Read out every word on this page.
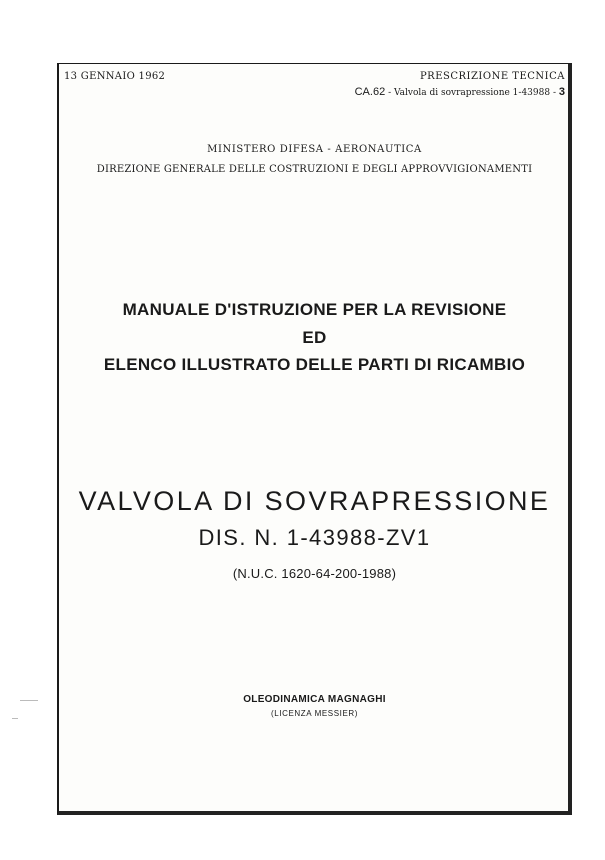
13 GENNAIO 1962	PRESCRIZIONE TECNICA
CA.62 - Valvola di sovrapressione 1-43988 - 3
MINISTERO DIFESA - AERONAUTICA
DIREZIONE GENERALE DELLE COSTRUZIONI E DEGLI APPROVVIGIONAMENTI
MANUALE D'ISTRUZIONE PER LA REVISIONE
ED
ELENCO ILLUSTRATO DELLE PARTI DI RICAMBIO
VALVOLA DI SOVRAPRESSIONE
DIS. N. 1-43988-ZV1
(N.U.C. 1620-64-200-1988)
OLEODINAMICA MAGNAGHI
(LICENZA MESSIER)
